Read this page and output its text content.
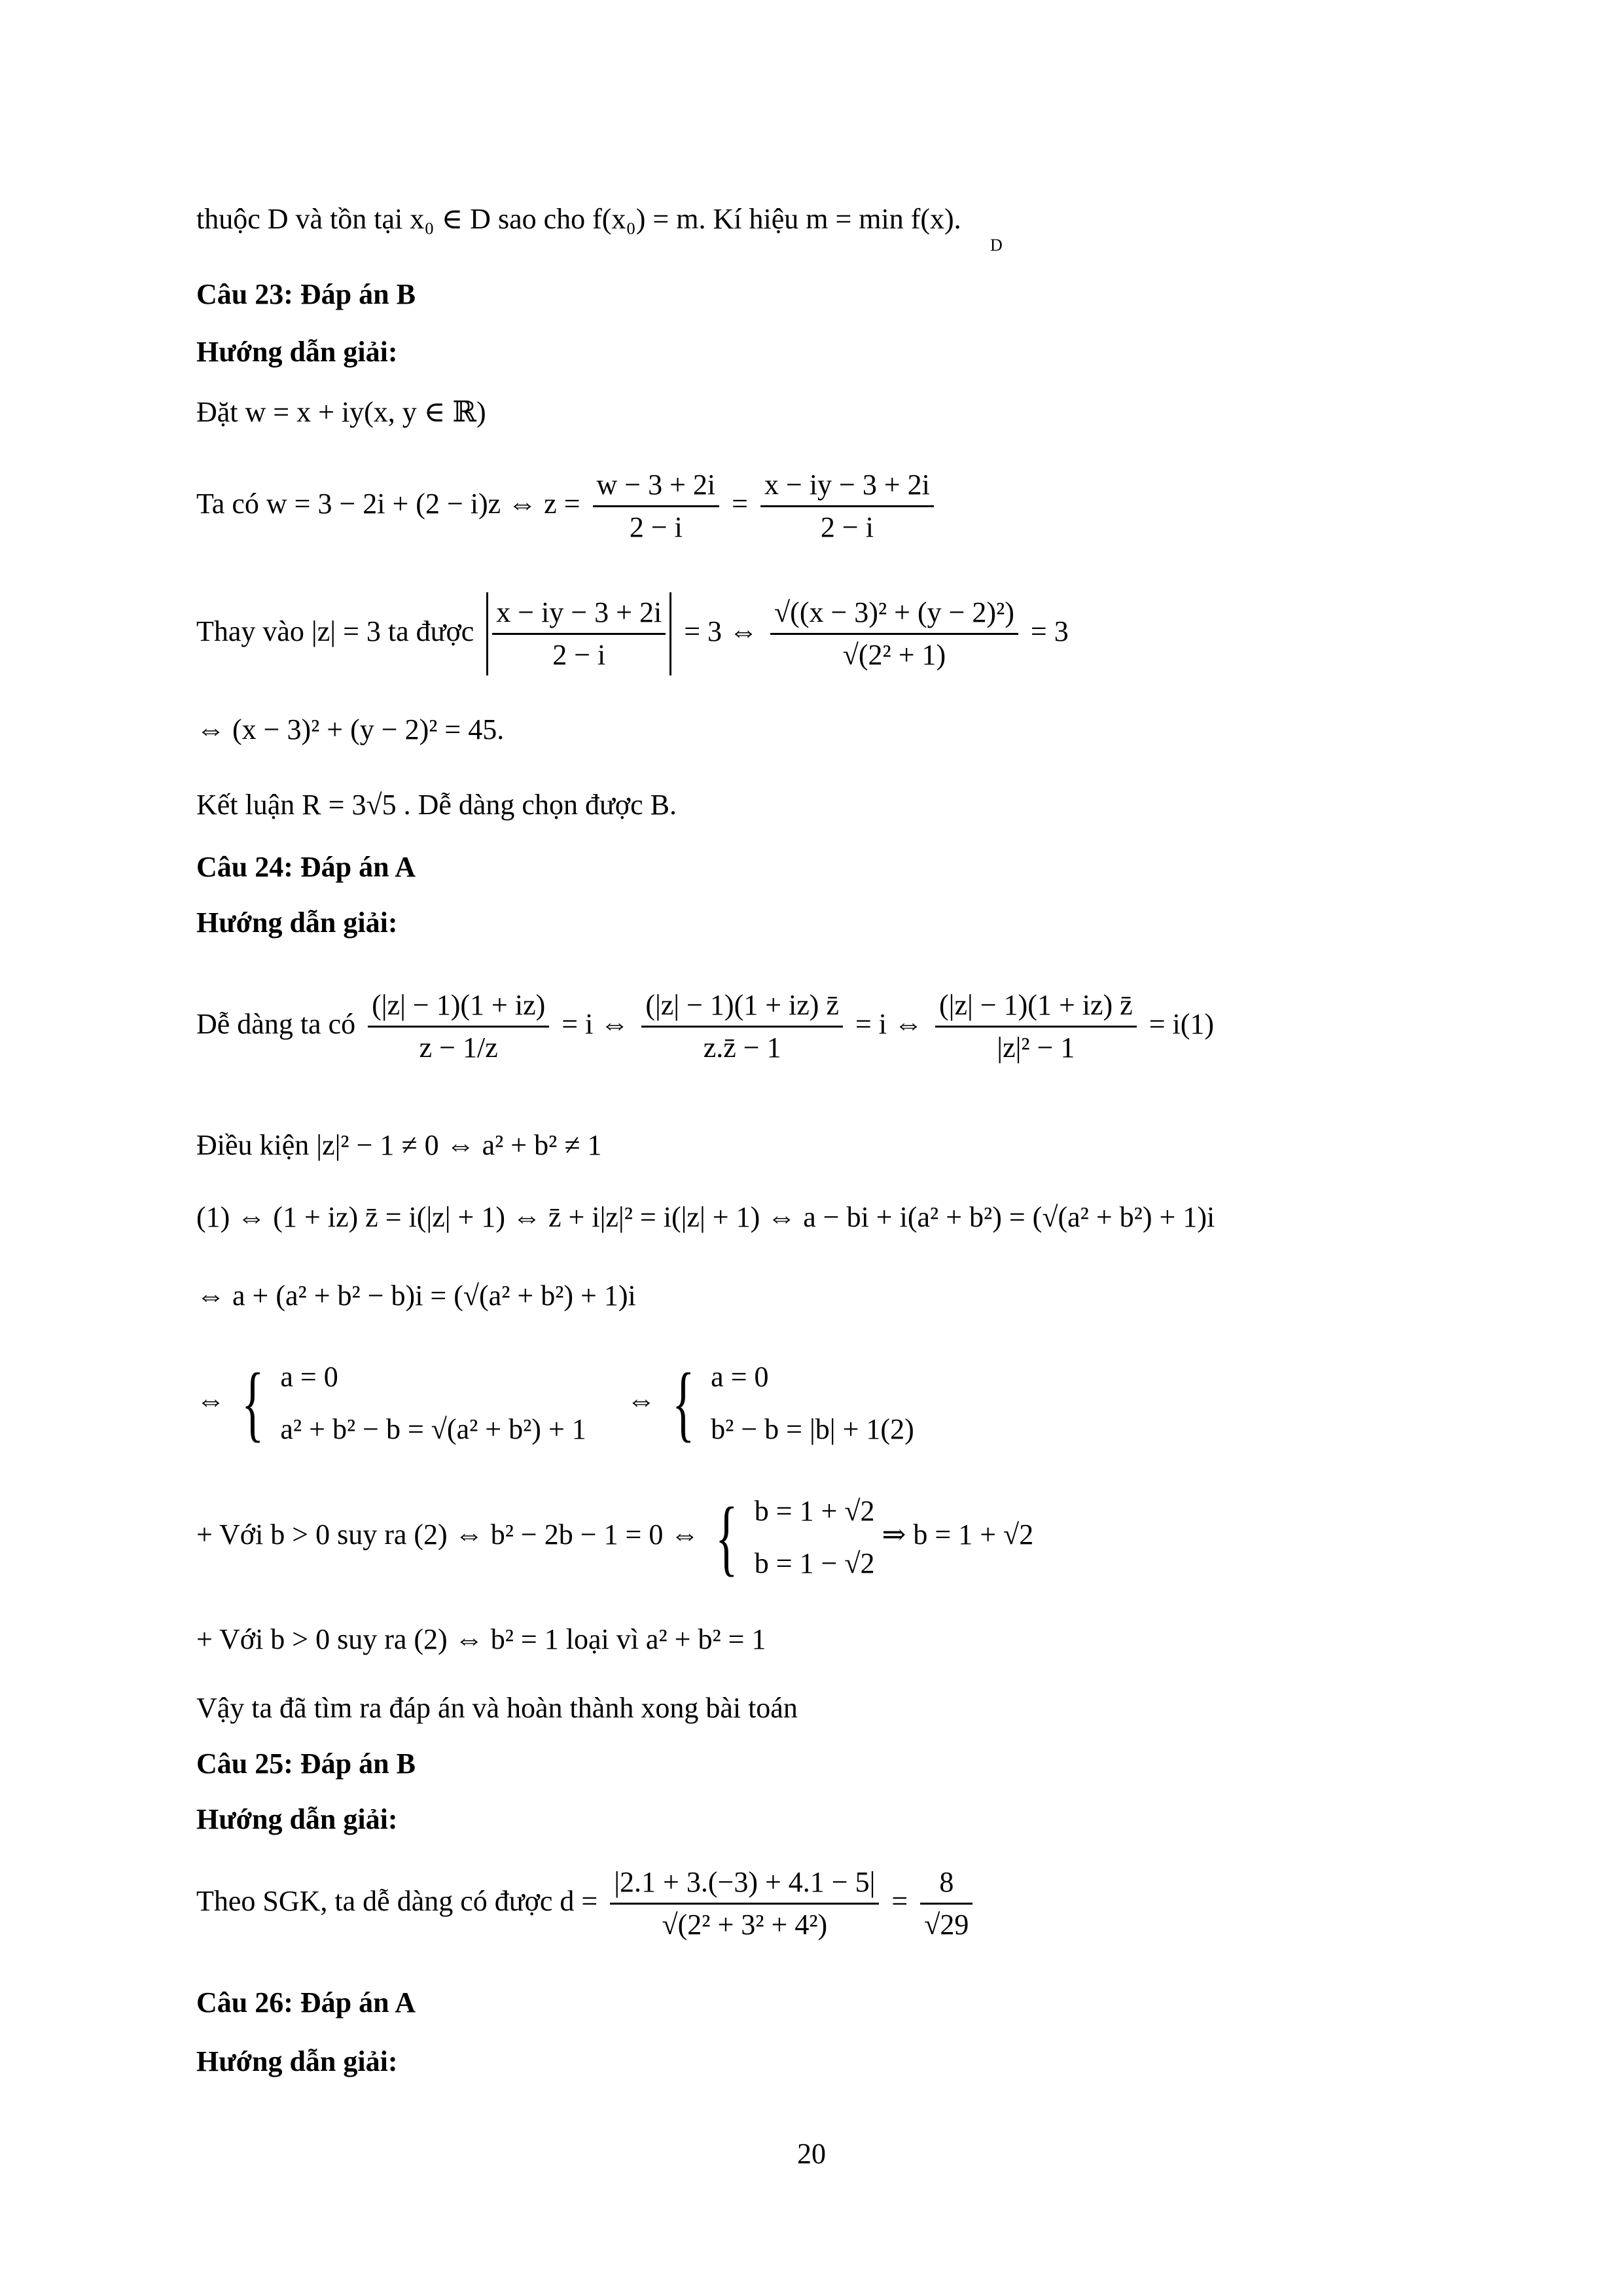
thuộc D và tồn tại x₀ ∈ D sao cho f(x₀) = m. Kí hiệu m = min f(x).
D
Câu 23: Đáp án B
Hướng dẫn giải:
Đặt w = x + iy(x, y ∈ ℝ)
Ta có w = 3 − 2i + (2 − i)z ⇔ $z = \frac{w - 3 + 2i}{2 - i} = \frac{x - iy - 3 + 2i}{2 - i}$
Thay vào |z| = 3 ta được $\frac{x - iy - 3 + 2i}{2 - i} = 3$ ⇔ $\frac{\text{√((x − 3)² + (y − 2)²)}}{\text{√(2² + 1)}} = 3$
⇔ (x − 3)² + (y − 2)² = 45.
Kết luận R = 3√5 . Dễ dàng chọn được B.
Câu 24: Đáp án A
Hướng dẫn giải:
Dễ dàng ta có $\frac{(|z| - 1)(1 + iz)}{z - 1/z} = i$ ⇔ $\frac{(|z| - 1)(1 + iz) z̄}{z.z̄ - 1} = i$ ⇔ $\frac{(|z| - 1)(1 + iz) z̄}{\text{|z|² − 1}} = i(1)$
Điều kiện |z|² − 1 ≠ 0 ⇔ a² + b² ≠ 1
(1) ⇔ (1 + iz) z̄ = i(|z| + 1) ⇔ z̄ + i|z|² = i(|z| + 1) ⇔ a − bi + i(a² + b²) = (√(a² + b²) + 1)i
⇔ a + (a² + b² − b)i = (√(a² + b²) + 1)i
⇔ { a = 0
a² + b² − b = √(a² + b²) + 1
⇔ { a = 0
b² − b = |b| + 1(2)
+ Với b > 0 suy ra (2) ⇔ b² − 2b − 1 = 0 ⇔ { b = 1 + √2
b = 1 − √2
⇒ b = 1 + √2
+ Với b > 0 suy ra (2) ⇔ b² = 1 loại vì a² + b² = 1
Vậy ta đã tìm ra đáp án và hoàn thành xong bài toán
Câu 25: Đáp án B
Hướng dẫn giải:
Theo SGK, ta dễ dàng có được $d = \frac{|2.1 + 3.(-3) + 4.1 - 5|}{\text{√(2² + 3² + 4²)}} = \frac{8}{√29}$
Câu 26: Đáp án A
Hướng dẫn giải:
20
